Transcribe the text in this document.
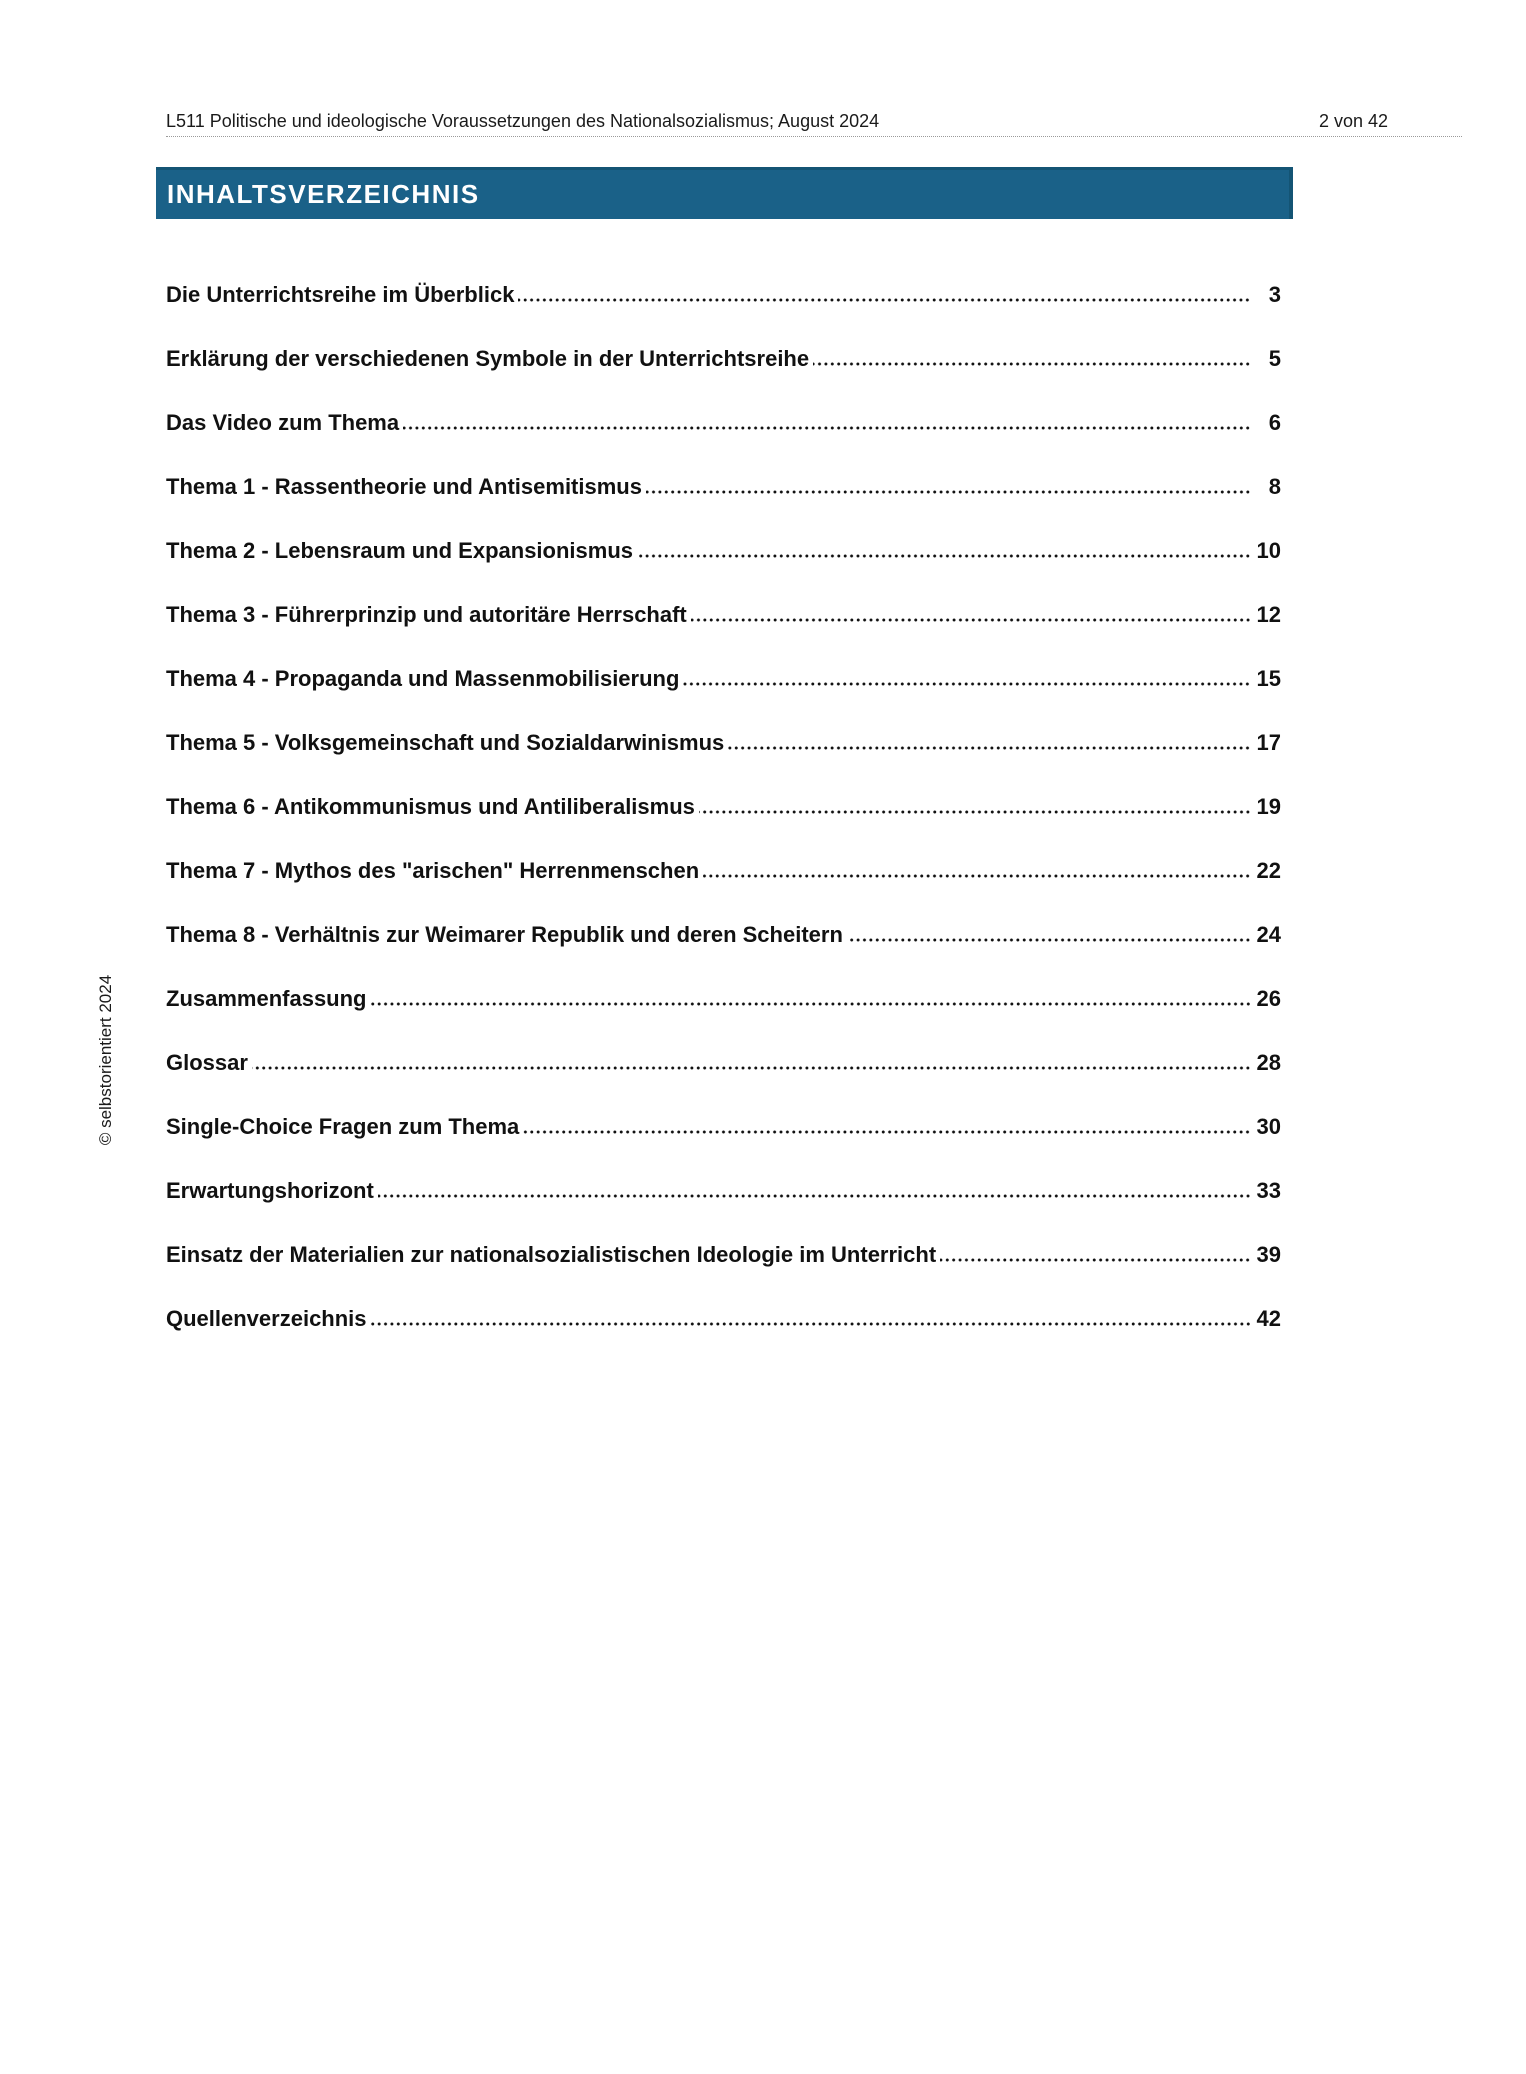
L511 Politische und ideologische Voraussetzungen des Nationalsozialismus; August 2024	2 von 42
INHALTSVERZEICHNIS
Die Unterrichtsreihe im Überblick	3
Erklärung der verschiedenen Symbole in der Unterrichtsreihe	5
Das Video zum Thema	6
Thema 1 - Rassentheorie und Antisemitismus	8
Thema 2 - Lebensraum und Expansionismus	10
Thema 3 - Führerprinzip und autoritäre Herrschaft	12
Thema 4 - Propaganda und Massenmobilisierung	15
Thema 5 - Volksgemeinschaft und Sozialdarwinismus	17
Thema 6 - Antikommunismus und Antiliberalismus	19
Thema 7 - Mythos des "arischen" Herrenmenschen	22
Thema 8 - Verhältnis zur Weimarer Republik und deren Scheitern	24
Zusammenfassung	26
Glossar	28
Single-Choice Fragen zum Thema	30
Erwartungshorizont	33
Einsatz der Materialien zur nationalsozialistischen Ideologie im Unterricht	39
Quellenverzeichnis	42
© selbstorientiert 2024
